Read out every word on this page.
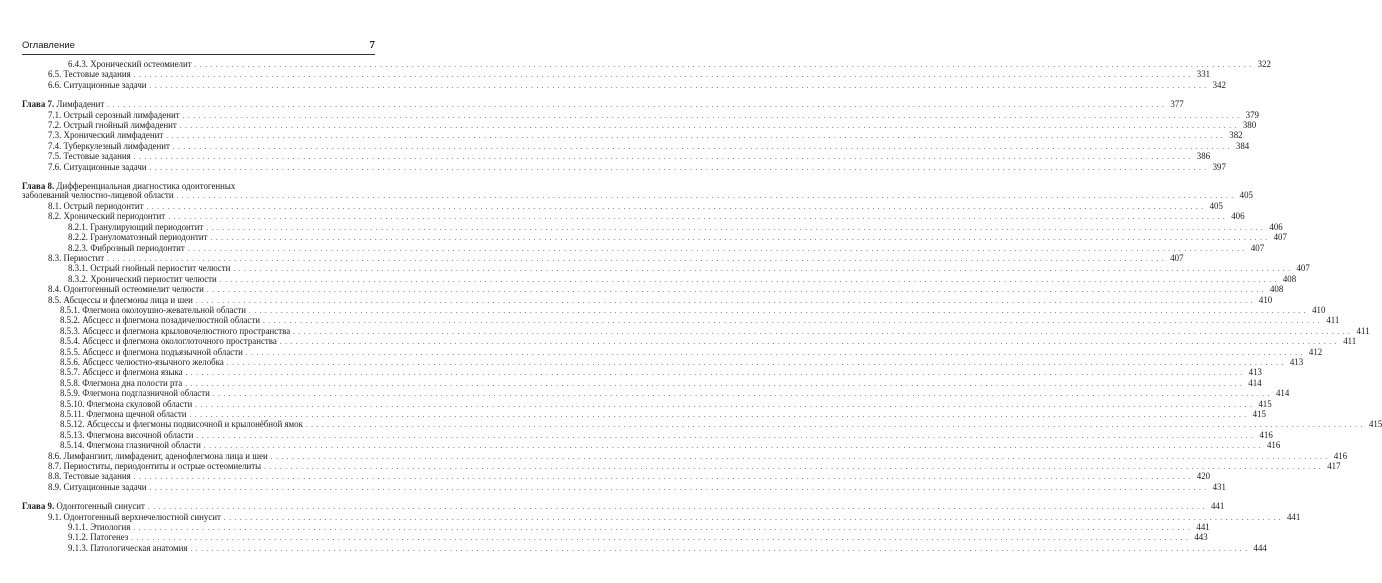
Оглавление	7
6.4.3. Хронический остеомиелит . . . . . . . . . . . . . . . . . . . . . . . . . . . . . . . . . . . . . . . . . . . . . . . . . . . . . . . . . . . . . . . . . . . . . . . . . . . . . . . . . . . . . . . . . . . . . . . . . . . . . . . . . . . . . . . . . . . . . . . . . . . . . . . . . . . . . . . . . . . . . . . . . . . . . . . . . . . . . . . . . . . . . . . . . . . . . . . . . . . . . . . . . . . . . . . . . . . . . . . . 322
6.5. Тестовые задания . . . . . . . . . . . . . . . . . . . . . . . . . . . . . . . . . . . . . . . . . . . . . . . . . . . . . . . . . . . . . . . . . . . . . . . . . . . . . . . . . . . . . . . . . . . . . . . . . . . . . . . . . . . . . . . . . . . . . . . . . . . . . . . . . . . . . . . . . . . . . . . . . . . . . . . . . . . . . . . . . . . . . . . . . . . . . . . . . . . . . . . . . . . . . . . . . . . . . . . . 331
6.6. Ситуационные задачи . . . . . . . . . . . . . . . . . . . . . . . . . . . . . . . . . . . . . . . . . . . . . . . . . . . . . . . . . . . . . . . . . . . . . . . . . . . . . . . . . . . . . . . . . . . . . . . . . . . . . . . . . . . . . . . . . . . . . . . . . . . . . . . . . . . . . . . . . . . . . . . . . . . . . . . . . . . . . . . . . . . . . . . . . . . . . . . . . . . . . . . . . . . . . . . . . . . . . . . . 342
Глава 7. Лимфаденит . . . . . . . . . . . . . . . . . . . . . . . . . . . . . . . . . . . . . . . . . . . . . . . . . . . . . . . . . . . . . . . . . . . . . . . . . . . . . . . . . . . . . . . . . . . . . . . . . . . . . . . . . . . . . . . . . . . . . . . . . . . . . . . . . . . . . . . . . . . . . . . . . . . . . . . . . . . . . . . . . . . . . . . . . . . . . . . . . . . . . . . . . . . . . . . . . . . . . . . . 377
7.1. Острый серозный лимфаденит . . . . . . . . . . . . . . . . . . . . . . . . . . . . . . . . . . . . . . . . . . . . . . . . . . . . . . . . . . . . . . . . . . . . . . . . . . . . . . . . . . . . . . . . . . . . . . . . . . . . . . . . . . . . . . . . . . . . . . . . . . . . . . . . . . . . . . . . . . . . . . . . . . . . . . . . . . . . . . . . . . . . . . . . . . . . . . . . . . . . . . . . . . . . . . . . . . . . . . . . 379
7.2. Острый гнойный лимфаденит . . . . . . . . . . . . . . . . . . . . . . . . . . . . . . . . . . . . . . . . . . . . . . . . . . . . . . . . . . . . . . . . . . . . . . . . . . . . . . . . . . . . . . . . . . . . . . . . . . . . . . . . . . . . . . . . . . . . . . . . . . . . . . . . . . . . . . . . . . . . . . . . . . . . . . . . . . . . . . . . . . . . . . . . . . . . . . . . . . . . . . . . . . . . . . . . . . . . . . . . 380
7.3. Хронический лимфаденит . . . . . . . . . . . . . . . . . . . . . . . . . . . . . . . . . . . . . . . . . . . . . . . . . . . . . . . . . . . . . . . . . . . . . . . . . . . . . . . . . . . . . . . . . . . . . . . . . . . . . . . . . . . . . . . . . . . . . . . . . . . . . . . . . . . . . . . . . . . . . . . . . . . . . . . . . . . . . . . . . . . . . . . . . . . . . . . . . . . . . . . . . . . . . . . . . . . . . . . . 382
7.4. Туберкулезный лимфаденит . . . . . . . . . . . . . . . . . . . . . . . . . . . . . . . . . . . . . . . . . . . . . . . . . . . . . . . . . . . . . . . . . . . . . . . . . . . . . . . . . . . . . . . . . . . . . . . . . . . . . . . . . . . . . . . . . . . . . . . . . . . . . . . . . . . . . . . . . . . . . . . . . . . . . . . . . . . . . . . . . . . . . . . . . . . . . . . . . . . . . . . . . . . . . . . . . . . . . . . . 384
7.5. Тестовые задания . . . . . . . . . . . . . . . . . . . . . . . . . . . . . . . . . . . . . . . . . . . . . . . . . . . . . . . . . . . . . . . . . . . . . . . . . . . . . . . . . . . . . . . . . . . . . . . . . . . . . . . . . . . . . . . . . . . . . . . . . . . . . . . . . . . . . . . . . . . . . . . . . . . . . . . . . . . . . . . . . . . . . . . . . . . . . . . . . . . . . . . . . . . . . . . . . . . . . . . . 386
7.6. Ситуационные задачи . . . . . . . . . . . . . . . . . . . . . . . . . . . . . . . . . . . . . . . . . . . . . . . . . . . . . . . . . . . . . . . . . . . . . . . . . . . . . . . . . . . . . . . . . . . . . . . . . . . . . . . . . . . . . . . . . . . . . . . . . . . . . . . . . . . . . . . . . . . . . . . . . . . . . . . . . . . . . . . . . . . . . . . . . . . . . . . . . . . . . . . . . . . . . . . . . . . . . . . . 397
Глава 8. Дифференциальная диагностика одонтогенных
заболеваний челюстно-лицевой области . . . . . . . . . . . . . . . . . . . . . . . . . . . . . . . . . . . . . . . . . . . . . . . . . . . . . . . . . . . . . . . . . . . . . . . . . . . . . . . . . . . . . . . . . . . . . . . . . . . . . . . . . . . . . . . . . . . . . . . . . . . . . . . . . . . . . . . . . . . . . . . . . . . . . . . . . . . . . . . . . . . . . . . . . . . . . . . . . . . . . . . . . . . . . . . . . . . . . . . . 405
8.1. Острый периодонтит . . . . . . . . . . . . . . . . . . . . . . . . . . . . . . . . . . . . . . . . . . . . . . . . . . . . . . . . . . . . . . . . . . . . . . . . . . . . . . . . . . . . . . . . . . . . . . . . . . . . . . . . . . . . . . . . . . . . . . . . . . . . . . . . . . . . . . . . . . . . . . . . . . . . . . . . . . . . . . . . . . . . . . . . . . . . . . . . . . . . . . . . . . . . . . . . . . . . . . . . 405
8.2. Хронический периодонтит . . . . . . . . . . . . . . . . . . . . . . . . . . . . . . . . . . . . . . . . . . . . . . . . . . . . . . . . . . . . . . . . . . . . . . . . . . . . . . . . . . . . . . . . . . . . . . . . . . . . . . . . . . . . . . . . . . . . . . . . . . . . . . . . . . . . . . . . . . . . . . . . . . . . . . . . . . . . . . . . . . . . . . . . . . . . . . . . . . . . . . . . . . . . . . . . . . . . . . . . 406
8.2.1. Гранулирующий периодонтит . . . . . . . . . . . . . . . . . . . . . . . . . . . . . . . . . . . . . . . . . . . . . . . . . . . . . . . . . . . . . . . . . . . . . . . . . . . . . . . . . . . . . . . . . . . . . . . . . . . . . . . . . . . . . . . . . . . . . . . . . . . . . . . . . . . . . . . . . . . . . . . . . . . . . . . . . . . . . . . . . . . . . . . . . . . . . . . . . . . . . . . . . . . . . . . . . . . . . . . . 406
8.2.2. Грануломатозный периодонтит . . . . . . . . . . . . . . . . . . . . . . . . . . . . . . . . . . . . . . . . . . . . . . . . . . . . . . . . . . . . . . . . . . . . . . . . . . . . . . . . . . . . . . . . . . . . . . . . . . . . . . . . . . . . . . . . . . . . . . . . . . . . . . . . . . . . . . . . . . . . . . . . . . . . . . . . . . . . . . . . . . . . . . . . . . . . . . . . . . . . . . . . . . . . . . . . . . . . . . . . 407
8.2.3. Фиброзный периодонтит . . . . . . . . . . . . . . . . . . . . . . . . . . . . . . . . . . . . . . . . . . . . . . . . . . . . . . . . . . . . . . . . . . . . . . . . . . . . . . . . . . . . . . . . . . . . . . . . . . . . . . . . . . . . . . . . . . . . . . . . . . . . . . . . . . . . . . . . . . . . . . . . . . . . . . . . . . . . . . . . . . . . . . . . . . . . . . . . . . . . . . . . . . . . . . . . . . . . . . . . 407
8.3. Периостит . . . . . . . . . . . . . . . . . . . . . . . . . . . . . . . . . . . . . . . . . . . . . . . . . . . . . . . . . . . . . . . . . . . . . . . . . . . . . . . . . . . . . . . . . . . . . . . . . . . . . . . . . . . . . . . . . . . . . . . . . . . . . . . . . . . . . . . . . . . . . . . . . . . . . . . . . . . . . . . . . . . . . . . . . . . . . . . . . . . . . . . . . . . . . . . . . . . . . . . . 407
8.3.1. Острый гнойный периостит челюсти . . . . . . . . . . . . . . . . . . . . . . . . . . . . . . . . . . . . . . . . . . . . . . . . . . . . . . . . . . . . . . . . . . . . . . . . . . . . . . . . . . . . . . . . . . . . . . . . . . . . . . . . . . . . . . . . . . . . . . . . . . . . . . . . . . . . . . . . . . . . . . . . . . . . . . . . . . . . . . . . . . . . . . . . . . . . . . . . . . . . . . . . . . . . . . . . . . . . . . . . 407
8.3.2. Хронический периостит челюсти . . . . . . . . . . . . . . . . . . . . . . . . . . . . . . . . . . . . . . . . . . . . . . . . . . . . . . . . . . . . . . . . . . . . . . . . . . . . . . . . . . . . . . . . . . . . . . . . . . . . . . . . . . . . . . . . . . . . . . . . . . . . . . . . . . . . . . . . . . . . . . . . . . . . . . . . . . . . . . . . . . . . . . . . . . . . . . . . . . . . . . . . . . . . . . . . . . . . . . . . 408
8.4. Одонтогенный остеомиелит челюсти . . . . . . . . . . . . . . . . . . . . . . . . . . . . . . . . . . . . . . . . . . . . . . . . . . . . . . . . . . . . . . . . . . . . . . . . . . . . . . . . . . . . . . . . . . . . . . . . . . . . . . . . . . . . . . . . . . . . . . . . . . . . . . . . . . . . . . . . . . . . . . . . . . . . . . . . . . . . . . . . . . . . . . . . . . . . . . . . . . . . . . . . . . . . . . . . . . . . . . . . 408
8.5. Абсцессы и флегмоны лица и шеи . . . . . . . . . . . . . . . . . . . . . . . . . . . . . . . . . . . . . . . . . . . . . . . . . . . . . . . . . . . . . . . . . . . . . . . . . . . . . . . . . . . . . . . . . . . . . . . . . . . . . . . . . . . . . . . . . . . . . . . . . . . . . . . . . . . . . . . . . . . . . . . . . . . . . . . . . . . . . . . . . . . . . . . . . . . . . . . . . . . . . . . . . . . . . . . . . . . . . . . . 410
8.5.1. Флегмона околоушно-жевательной области . . . . . . . . . . . . . . . . . . . . . . . . . . . . . . . . . . . . . . . . . . . . . . . . . . . . . . . . . . . . . . . . . . . . . . . . . . . . . . . . . . . . . . . . . . . . . . . . . . . . . . . . . . . . . . . . . . . . . . . . . . . . . . . . . . . . . . . . . . . . . . . . . . . . . . . . . . . . . . . . . . . . . . . . . . . . . . . . . . . . . . . . . . . . . . . . . . . . . . . . 410
8.5.2. Абсцесс и флегмона позадичелюстной области . . . . . . . . . . . . . . . . . . . . . . . . . . . . . . . . . . . . . . . . . . . . . . . . . . . . . . . . . . . . . . . . . . . . . . . . . . . . . . . . . . . . . . . . . . . . . . . . . . . . . . . . . . . . . . . . . . . . . . . . . . . . . . . . . . . . . . . . . . . . . . . . . . . . . . . . . . . . . . . . . . . . . . . . . . . . . . . . . . . . . . . . . . . . . . . . . . . . . . . . 411
8.5.3. Абсцесс и флегмона крыловочелюстного пространства . . . . . . . . . . . . . . . . . . . . . . . . . . . . . . . . . . . . . . . . . . . . . . . . . . . . . . . . . . . . . . . . . . . . . . . . . . . . . . . . . . . . . . . . . . . . . . . . . . . . . . . . . . . . . . . . . . . . . . . . . . . . . . . . . . . . . . . . . . . . . . . . . . . . . . . . . . . . . . . . . . . . . . . . . . . . . . . . . . . . . . . . . . . . . . . . . . . . . . . . 411
8.5.4. Абсцесс и флегмона окологлоточного пространства . . . . . . . . . . . . . . . . . . . . . . . . . . . . . . . . . . . . . . . . . . . . . . . . . . . . . . . . . . . . . . . . . . . . . . . . . . . . . . . . . . . . . . . . . . . . . . . . . . . . . . . . . . . . . . . . . . . . . . . . . . . . . . . . . . . . . . . . . . . . . . . . . . . . . . . . . . . . . . . . . . . . . . . . . . . . . . . . . . . . . . . . . . . . . . . . . . . . . . . . 411
8.5.5. Абсцесс и флегмона подъязычной области . . . . . . . . . . . . . . . . . . . . . . . . . . . . . . . . . . . . . . . . . . . . . . . . . . . . . . . . . . . . . . . . . . . . . . . . . . . . . . . . . . . . . . . . . . . . . . . . . . . . . . . . . . . . . . . . . . . . . . . . . . . . . . . . . . . . . . . . . . . . . . . . . . . . . . . . . . . . . . . . . . . . . . . . . . . . . . . . . . . . . . . . . . . . . . . . . . . . . . . . 412
8.5.6. Абсцесс челюстно-язычного желобка . . . . . . . . . . . . . . . . . . . . . . . . . . . . . . . . . . . . . . . . . . . . . . . . . . . . . . . . . . . . . . . . . . . . . . . . . . . . . . . . . . . . . . . . . . . . . . . . . . . . . . . . . . . . . . . . . . . . . . . . . . . . . . . . . . . . . . . . . . . . . . . . . . . . . . . . . . . . . . . . . . . . . . . . . . . . . . . . . . . . . . . . . . . . . . . . . . . . . . . . 413
8.5.7. Абсцесс и флегмона языка . . . . . . . . . . . . . . . . . . . . . . . . . . . . . . . . . . . . . . . . . . . . . . . . . . . . . . . . . . . . . . . . . . . . . . . . . . . . . . . . . . . . . . . . . . . . . . . . . . . . . . . . . . . . . . . . . . . . . . . . . . . . . . . . . . . . . . . . . . . . . . . . . . . . . . . . . . . . . . . . . . . . . . . . . . . . . . . . . . . . . . . . . . . . . . . . . . . . . . . . 413
8.5.8. Флегмона дна полости рта . . . . . . . . . . . . . . . . . . . . . . . . . . . . . . . . . . . . . . . . . . . . . . . . . . . . . . . . . . . . . . . . . . . . . . . . . . . . . . . . . . . . . . . . . . . . . . . . . . . . . . . . . . . . . . . . . . . . . . . . . . . . . . . . . . . . . . . . . . . . . . . . . . . . . . . . . . . . . . . . . . . . . . . . . . . . . . . . . . . . . . . . . . . . . . . . . . . . . . . . 414
8.5.9. Флегмона подглазничной области . . . . . . . . . . . . . . . . . . . . . . . . . . . . . . . . . . . . . . . . . . . . . . . . . . . . . . . . . . . . . . . . . . . . . . . . . . . . . . . . . . . . . . . . . . . . . . . . . . . . . . . . . . . . . . . . . . . . . . . . . . . . . . . . . . . . . . . . . . . . . . . . . . . . . . . . . . . . . . . . . . . . . . . . . . . . . . . . . . . . . . . . . . . . . . . . . . . . . . . . 414
8.5.10. Флегмона скуловой области . . . . . . . . . . . . . . . . . . . . . . . . . . . . . . . . . . . . . . . . . . . . . . . . . . . . . . . . . . . . . . . . . . . . . . . . . . . . . . . . . . . . . . . . . . . . . . . . . . . . . . . . . . . . . . . . . . . . . . . . . . . . . . . . . . . . . . . . . . . . . . . . . . . . . . . . . . . . . . . . . . . . . . . . . . . . . . . . . . . . . . . . . . . . . . . . . . . . . . . . 415
8.5.11. Флегмона щечной области . . . . . . . . . . . . . . . . . . . . . . . . . . . . . . . . . . . . . . . . . . . . . . . . . . . . . . . . . . . . . . . . . . . . . . . . . . . . . . . . . . . . . . . . . . . . . . . . . . . . . . . . . . . . . . . . . . . . . . . . . . . . . . . . . . . . . . . . . . . . . . . . . . . . . . . . . . . . . . . . . . . . . . . . . . . . . . . . . . . . . . . . . . . . . . . . . . . . . . . . 415
8.5.12. Абсцессы и флегмоны подвисочной и крылонёбной ямок . . . . . . . . . . . . . . . . . . . . . . . . . . . . . . . . . . . . . . . . . . . . . . . . . . . . . . . . . . . . . . . . . . . . . . . . . . . . . . . . . . . . . . . . . . . . . . . . . . . . . . . . . . . . . . . . . . . . . . . . . . . . . . . . . . . . . . . . . . . . . . . . . . . . . . . . . . . . . . . . . . . . . . . . . . . . . . . . . . . . . . . . . . . . . . . . . . . . . . . . 415
8.5.13. Флегмона височной области . . . . . . . . . . . . . . . . . . . . . . . . . . . . . . . . . . . . . . . . . . . . . . . . . . . . . . . . . . . . . . . . . . . . . . . . . . . . . . . . . . . . . . . . . . . . . . . . . . . . . . . . . . . . . . . . . . . . . . . . . . . . . . . . . . . . . . . . . . . . . . . . . . . . . . . . . . . . . . . . . . . . . . . . . . . . . . . . . . . . . . . . . . . . . . . . . . . . . . . . 416
8.5.14. Флегмона глазничной области . . . . . . . . . . . . . . . . . . . . . . . . . . . . . . . . . . . . . . . . . . . . . . . . . . . . . . . . . . . . . . . . . . . . . . . . . . . . . . . . . . . . . . . . . . . . . . . . . . . . . . . . . . . . . . . . . . . . . . . . . . . . . . . . . . . . . . . . . . . . . . . . . . . . . . . . . . . . . . . . . . . . . . . . . . . . . . . . . . . . . . . . . . . . . . . . . . . . . . . . 416
8.6. Лимфангиит, лимфаденит, аденофлегмона лица и шеи . . . . . . . . . . . . . . . . . . . . . . . . . . . . . . . . . . . . . . . . . . . . . . . . . . . . . . . . . . . . . . . . . . . . . . . . . . . . . . . . . . . . . . . . . . . . . . . . . . . . . . . . . . . . . . . . . . . . . . . . . . . . . . . . . . . . . . . . . . . . . . . . . . . . . . . . . . . . . . . . . . . . . . . . . . . . . . . . . . . . . . . . . . . . . . . . . . . . . . . . 416
8.7. Периоститы, периодонтиты и острые остеомиелиты . . . . . . . . . . . . . . . . . . . . . . . . . . . . . . . . . . . . . . . . . . . . . . . . . . . . . . . . . . . . . . . . . . . . . . . . . . . . . . . . . . . . . . . . . . . . . . . . . . . . . . . . . . . . . . . . . . . . . . . . . . . . . . . . . . . . . . . . . . . . . . . . . . . . . . . . . . . . . . . . . . . . . . . . . . . . . . . . . . . . . . . . . . . . . . . . . . . . . . . . 417
8.8. Тестовые задания . . . . . . . . . . . . . . . . . . . . . . . . . . . . . . . . . . . . . . . . . . . . . . . . . . . . . . . . . . . . . . . . . . . . . . . . . . . . . . . . . . . . . . . . . . . . . . . . . . . . . . . . . . . . . . . . . . . . . . . . . . . . . . . . . . . . . . . . . . . . . . . . . . . . . . . . . . . . . . . . . . . . . . . . . . . . . . . . . . . . . . . . . . . . . . . . . . . . . . . . 420
8.9. Ситуационные задачи . . . . . . . . . . . . . . . . . . . . . . . . . . . . . . . . . . . . . . . . . . . . . . . . . . . . . . . . . . . . . . . . . . . . . . . . . . . . . . . . . . . . . . . . . . . . . . . . . . . . . . . . . . . . . . . . . . . . . . . . . . . . . . . . . . . . . . . . . . . . . . . . . . . . . . . . . . . . . . . . . . . . . . . . . . . . . . . . . . . . . . . . . . . . . . . . . . . . . . . . 431
Глава 9. Одонтогенный синусит . . . . . . . . . . . . . . . . . . . . . . . . . . . . . . . . . . . . . . . . . . . . . . . . . . . . . . . . . . . . . . . . . . . . . . . . . . . . . . . . . . . . . . . . . . . . . . . . . . . . . . . . . . . . . . . . . . . . . . . . . . . . . . . . . . . . . . . . . . . . . . . . . . . . . . . . . . . . . . . . . . . . . . . . . . . . . . . . . . . . . . . . . . . . . . . . . . . . . . . . 441
9.1. Одонтогенный верхнечелюстной синусит . . . . . . . . . . . . . . . . . . . . . . . . . . . . . . . . . . . . . . . . . . . . . . . . . . . . . . . . . . . . . . . . . . . . . . . . . . . . . . . . . . . . . . . . . . . . . . . . . . . . . . . . . . . . . . . . . . . . . . . . . . . . . . . . . . . . . . . . . . . . . . . . . . . . . . . . . . . . . . . . . . . . . . . . . . . . . . . . . . . . . . . . . . . . . . . . . . . . . . . . 441
9.1.1. Этиология . . . . . . . . . . . . . . . . . . . . . . . . . . . . . . . . . . . . . . . . . . . . . . . . . . . . . . . . . . . . . . . . . . . . . . . . . . . . . . . . . . . . . . . . . . . . . . . . . . . . . . . . . . . . . . . . . . . . . . . . . . . . . . . . . . . . . . . . . . . . . . . . . . . . . . . . . . . . . . . . . . . . . . . . . . . . . . . . . . . . . . . . . . . . . . . . . . . . . . . . 441
9.1.2. Патогенез . . . . . . . . . . . . . . . . . . . . . . . . . . . . . . . . . . . . . . . . . . . . . . . . . . . . . . . . . . . . . . . . . . . . . . . . . . . . . . . . . . . . . . . . . . . . . . . . . . . . . . . . . . . . . . . . . . . . . . . . . . . . . . . . . . . . . . . . . . . . . . . . . . . . . . . . . . . . . . . . . . . . . . . . . . . . . . . . . . . . . . . . . . . . . . . . . . . . . . . . 443
9.1.3. Патологическая анатомия . . . . . . . . . . . . . . . . . . . . . . . . . . . . . . . . . . . . . . . . . . . . . . . . . . . . . . . . . . . . . . . . . . . . . . . . . . . . . . . . . . . . . . . . . . . . . . . . . . . . . . . . . . . . . . . . . . . . . . . . . . . . . . . . . . . . . . . . . . . . . . . . . . . . . . . . . . . . . . . . . . . . . . . . . . . . . . . . . . . . . . . . . . . . . . . . . . . . . . . . 444
